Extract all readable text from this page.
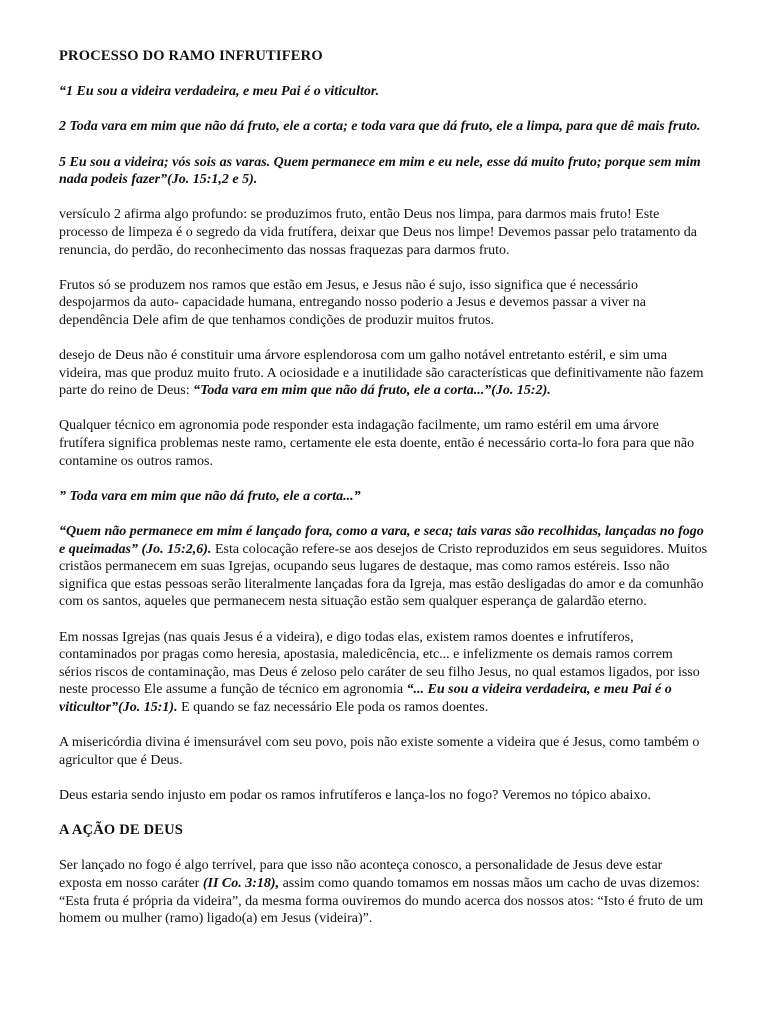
PROCESSO DO RAMO INFRUTIFERO

“1 Eu sou a videira verdadeira, e meu Pai é o viticultor.

2 Toda vara em mim que não dá fruto, ele a corta; e toda vara que dá fruto, ele a limpa, para que dê mais fruto.

5 Eu sou a videira; vós sois as varas. Quem permanece em mim e eu nele, esse dá muito fruto; porque sem mim nada podeis fazer”(Jo. 15:1,2 e 5).

versículo 2 afirma algo profundo: se produzimos fruto, então Deus nos limpa, para darmos mais fruto! Este processo de limpeza é o segredo da vida frutífera, deixar que Deus nos limpe! Devemos passar pelo tratamento da renuncia, do perdão, do reconhecimento das nossas fraquezas para darmos fruto.

Frutos só se produzem nos ramos que estão em Jesus, e Jesus não é sujo, isso significa que é necessário despojarmos da auto- capacidade humana, entregando nosso poderio a Jesus e devemos passar a viver na dependência Dele afim de que tenhamos condições de produzir muitos frutos.

desejo de Deus não é constituir uma árvore esplendorosa com um galho notável entretanto estéril, e sim uma videira, mas que produz muito fruto. A ociosidade e a inutilidade são características que definitivamente não fazem parte do reino de Deus: “Toda vara em mim que não dá fruto, ele a corta...”(Jo. 15:2).

Qualquer técnico em agronomia pode responder esta indagação facilmente, um ramo estéril em uma árvore frutífera significa problemas neste ramo, certamente ele esta doente, então é necessário corta-lo fora para que não contamine os outros ramos.

” Toda vara em mim que não dá fruto, ele a corta...”

“Quem não permanece em mim é lançado fora, como a vara, e seca; tais varas são recolhidas, lançadas no fogo e queimadas” (Jo. 15:2,6). Esta colocação refere-se aos desejos de Cristo reproduzidos em seus seguidores. Muitos cristãos permanecem em suas Igrejas, ocupando seus lugares de destaque, mas como ramos estéreis. Isso não significa que estas pessoas serão literalmente lançadas fora da Igreja, mas estão desligadas do amor e da comunhão com os santos, aqueles que permanecem nesta situação estão sem qualquer esperança de galardão eterno.

Em nossas Igrejas (nas quais Jesus é a videira), e digo todas elas, existem ramos doentes e infrutíferos, contaminados por pragas como heresia, apostasia, maledicência, etc... e infelizmente os demais ramos correm sérios riscos de contaminação, mas Deus é zeloso pelo caráter de seu filho Jesus, no qual estamos ligados, por isso neste processo Ele assume a função de técnico em agronomia “... Eu sou a videira verdadeira, e meu Pai é o viticultor”(Jo. 15:1). E quando se faz necessário Ele poda os ramos doentes.

A misericórdia divina é imensurável com seu povo, pois não existe somente a videira que é Jesus, como também o agricultor que é Deus.

Deus estaria sendo injusto em podar os ramos infrutíferos e lança-los no fogo? Veremos no tópico abaixo.

A AÇÃO DE DEUS

Ser lançado no fogo é algo terrível, para que isso não aconteça conosco, a personalidade de Jesus deve estar exposta em nosso caráter (II Co. 3:18), assim como quando tomamos em nossas mãos um cacho de uvas dizemos: “Esta fruta é própria da videira”, da mesma forma ouviremos do mundo acerca dos nossos atos: “Isto é fruto de um homem ou mulher (ramo) ligado(a) em Jesus (videira)”.
